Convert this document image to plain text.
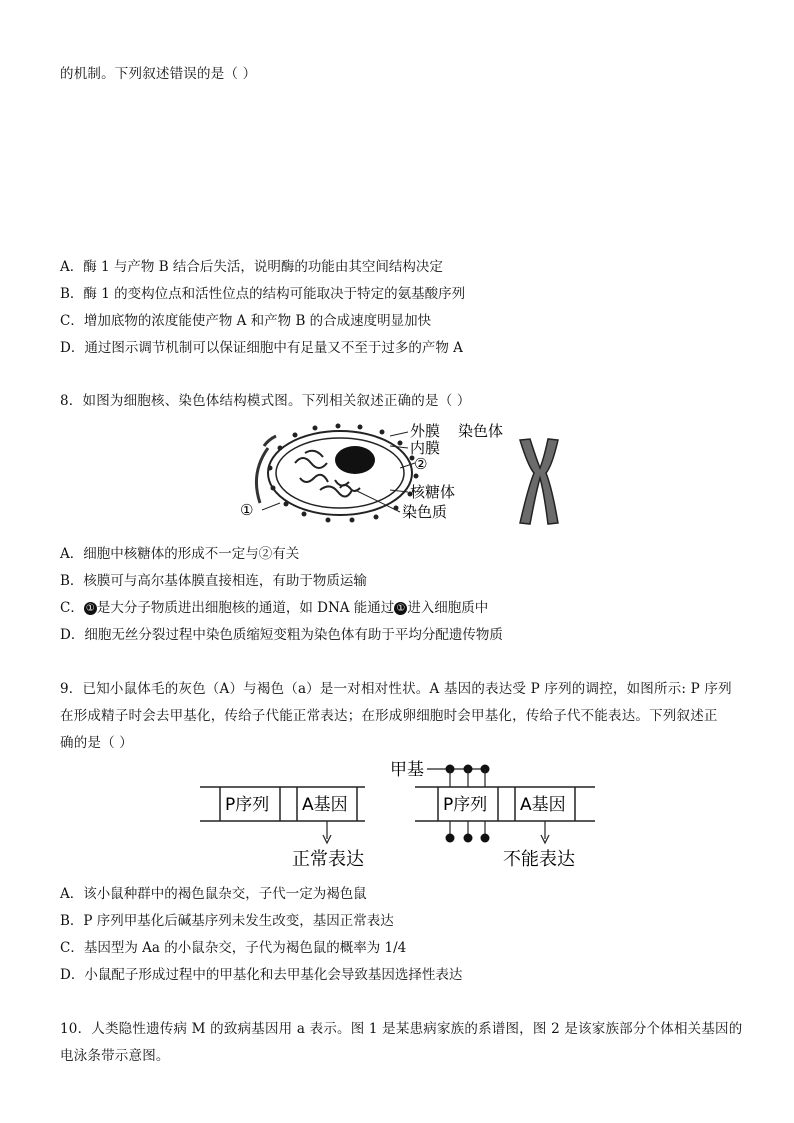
的机制。下列叙述错误的是（ ）
A．酶 1 与产物 B 结合后失活，说明酶的功能由其空间结构决定
B．酶 1 的变构位点和活性位点的结构可能取决于特定的氨基酸序列
C．增加底物的浓度能使产物 A 和产物 B 的合成速度明显加快
D．通过图示调节机制可以保证细胞中有足量又不至于过多的产物 A
8．如图为细胞核、染色体结构模式图。下列相关叙述正确的是（ ）
外膜
内膜
②
核糖体
染色质
①
染色体
A．细胞中核糖体的形成不一定与②有关
B．核膜可与高尔基体膜直接相连，有助于物质运输
C． ① 是大分子物质进出细胞核的通道，如 DNA 能通过 ① 进入细胞质中
D．细胞无丝分裂过程中染色质缩短变粗为染色体有助于平均分配遗传物质
9．已知小鼠体毛的灰色（A）与褐色（a）是一对相对性状。A 基因的表达受 P 序列的调控，如图所示: P 序列
在形成精子时会去甲基化，传给子代能正常表达；在形成卵细胞时会甲基化，传给子代不能表达。下列叙述正
确的是（ ）
P序列 A基因
正常表达
P序列 A基因
甲基
不能表达
A．该小鼠种群中的褐色鼠杂交，子代一定为褐色鼠
B．P 序列甲基化后碱基序列未发生改变，基因正常表达
C．基因型为 Aa 的小鼠杂交，子代为褐色鼠的概率为 1/4
D．小鼠配子形成过程中的甲基化和去甲基化会导致基因选择性表达
10．人类隐性遗传病 M 的致病基因用 a 表示。图 1 是某患病家族的系谱图，图 2 是该家族部分个体相关基因的
电泳条带示意图。
